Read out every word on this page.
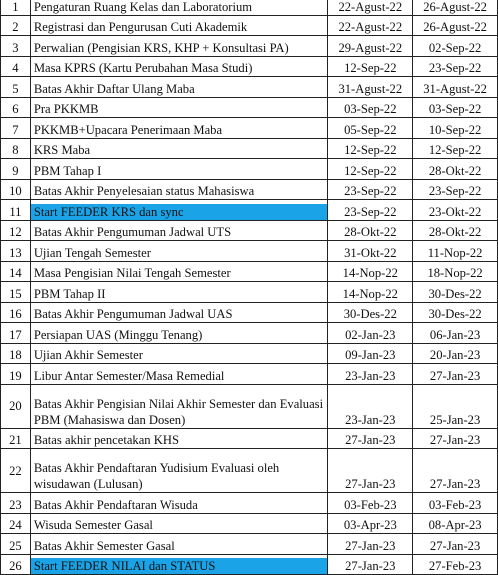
1	Pengaturan Ruang Kelas dan Laboratorium	22-Agust-22	26-Agust-22
2	Registrasi dan Pengurusan Cuti Akademik	22-Agust-22	26-Agust-22
3	Perwalian (Pengisian KRS, KHP + Konsultasi PA)	29-Agust-22	02-Sep-22
4	Masa KPRS (Kartu Perubahan Masa Studi)	12-Sep-22	23-Sep-22
5	Batas Akhir Daftar Ulang Maba	31-Agust-22	31-Agust-22
6	Pra PKKMB	03-Sep-22	03-Sep-22
7	PKKMB+Upacara Penerimaan Maba	05-Sep-22	10-Sep-22
8	KRS Maba	12-Sep-22	12-Sep-22
9	PBM Tahap I	12-Sep-22	28-Okt-22
10	Batas Akhir Penyelesaian status Mahasiswa	23-Sep-22	23-Sep-22
11	Start FEEDER KRS dan sync	23-Sep-22	23-Okt-22
12	Batas Akhir Pengumuman Jadwal UTS	28-Okt-22	28-Okt-22
13	Ujian Tengah Semester	31-Okt-22	11-Nop-22
14	Masa Pengisian Nilai Tengah Semester	14-Nop-22	18-Nop-22
15	PBM Tahap II	14-Nop-22	30-Des-22
16	Batas Akhir Pengumuman Jadwal UAS	30-Des-22	30-Des-22
17	Persiapan UAS (Minggu Tenang)	02-Jan-23	06-Jan-23
18	Ujian Akhir Semester	09-Jan-23	20-Jan-23
19	Libur Antar Semester/Masa Remedial	23-Jan-23	27-Jan-23
20	Batas Akhir Pengisian Nilai Akhir Semester dan Evaluasi PBM (Mahasiswa dan Dosen)	23-Jan-23	25-Jan-23
21	Batas akhir pencetakan KHS	27-Jan-23	27-Jan-23
22	Batas Akhir Pendaftaran Yudisium Evaluasi oleh wisudawan (Lulusan)	27-Jan-23	27-Jan-23
23	Batas Akhir Pendaftaran Wisuda	03-Feb-23	03-Feb-23
24	Wisuda Semester Gasal	03-Apr-23	08-Apr-23
25	Batas Akhir Semester Gasal	27-Jan-23	27-Jan-23
26	Start FEEDER NILAI dan STATUS	27-Jan-23	27-Feb-23
